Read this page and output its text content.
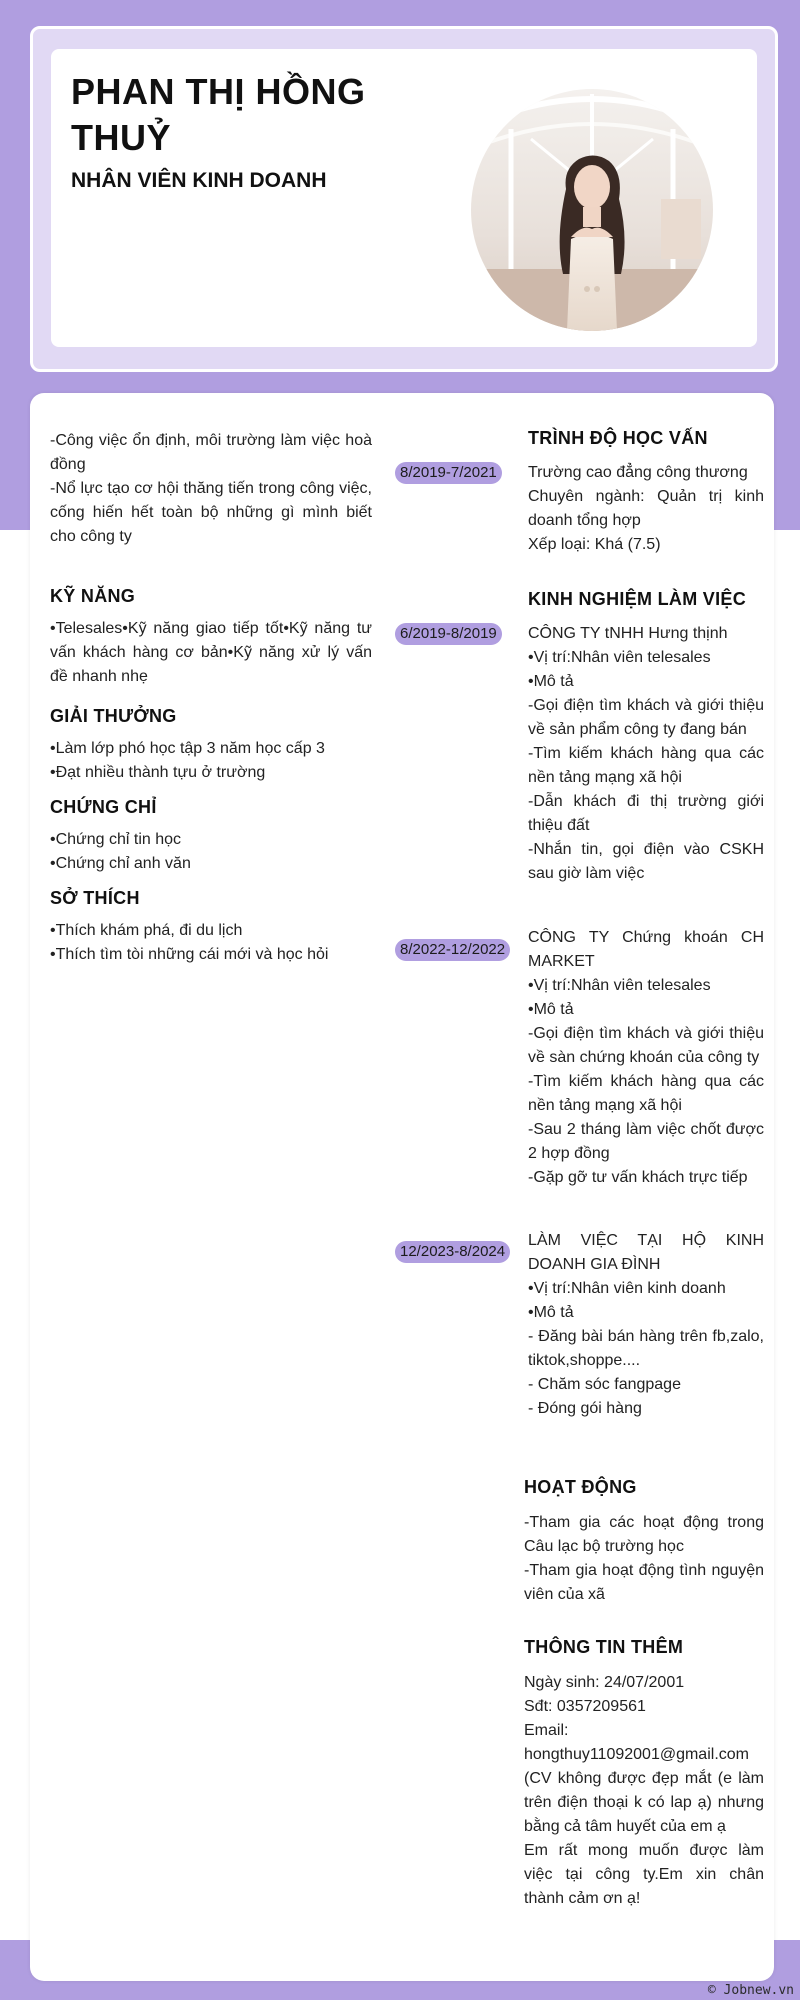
PHAN THỊ HỒNG THUỶ
NHÂN VIÊN KINH DOANH
-Công việc ổn định, môi trường làm việc hoà đồng
-Nổ lực tạo cơ hội thăng tiến trong công việc, cống hiến hết toàn bộ những gì mình biết cho công ty
KỸ NĂNG
•Telesales•Kỹ năng giao tiếp tốt•Kỹ năng tư vấn khách hàng cơ bản•Kỹ năng xử lý vấn đề nhanh nhẹ
GIẢI THƯỞNG
•Làm lớp phó học tập 3 năm học cấp 3
•Đạt nhiều thành tựu ở trường
CHỨNG CHỈ
•Chứng chỉ tin học
•Chứng chỉ anh văn
SỞ THÍCH
•Thích khám phá, đi du lịch
•Thích tìm tòi những cái mới và học hỏi
TRÌNH ĐỘ HỌC VẤN
8/2019-7/2021	Trường cao đẳng công thương
Chuyên ngành: Quản trị kinh doanh tổng hợp
Xếp loại: Khá (7.5)
KINH NGHIỆM LÀM VIỆC
6/2019-8/2019	CÔNG TY tNHH Hưng thịnh
•Vị trí:Nhân viên telesales
•Mô tả
-Gọi điện tìm khách và giới thiệu về sản phẩm công ty đang bán
-Tìm kiếm khách hàng qua các nền tảng mạng xã hội
-Dẫn khách đi thị trường giới thiệu đất
-Nhắn tin, gọi điện vào CSKH sau giờ làm việc
8/2022-12/2022
CÔNG TY Chứng khoán CH MARKET
•Vị trí:Nhân viên telesales
•Mô tả
-Gọi điện tìm khách và giới thiệu về sàn chứng khoán của công ty
-Tìm kiếm khách hàng qua các nền tảng mạng xã hội
-Sau 2 tháng làm việc chốt được 2 hợp đồng
-Gặp gỡ tư vấn khách trực tiếp
12/2023-8/2024
LÀM VIỆC TẠI HỘ KINH DOANH GIA ĐÌNH
•Vị trí:Nhân viên kinh doanh
•Mô tả
- Đăng bài bán hàng trên fb,zalo, tiktok,shoppe....
- Chăm sóc fangpage
- Đóng gói hàng
HOẠT ĐỘNG
-Tham gia các hoạt động trong Câu lạc bộ trường học
-Tham gia hoạt động tình nguyện viên của xã
THÔNG TIN THÊM
Ngày sinh: 24/07/2001
Sđt: 0357209561
Email:
hongthuy11092001@gmail.com
(CV không được đẹp mắt (e làm trên điện thoại k có lap ạ) nhưng bằng cả tâm huyết của em ạ
Em rất mong muốn được làm việc tại công ty.Em xin chân thành cảm ơn ạ!
© Jobnew.vn
